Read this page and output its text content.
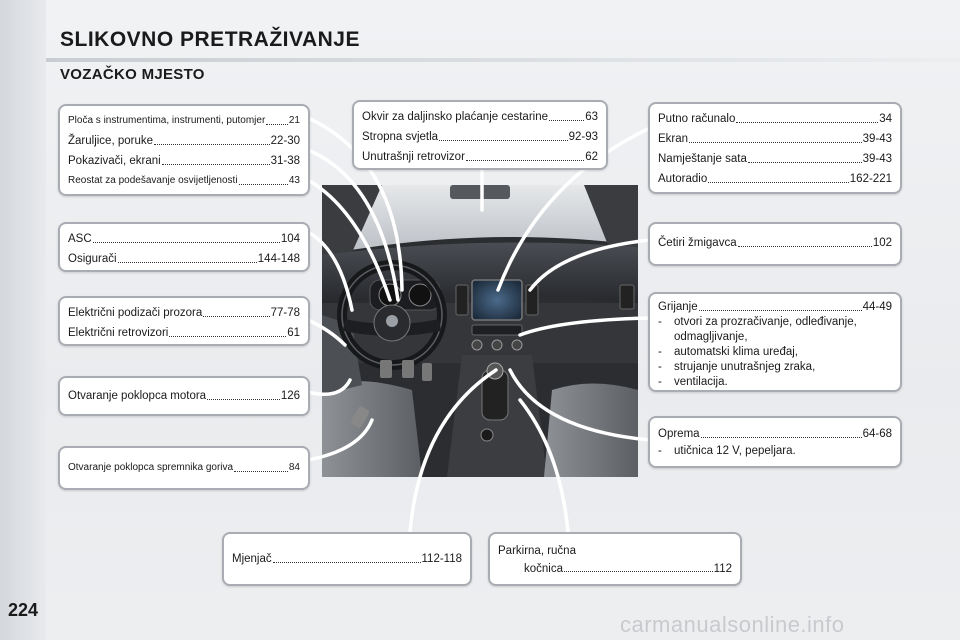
SLIKOVNO PRETRAŽIVANJE
VOZAČKO MJESTO
224
carmanualsonline.info
Ploča s instrumentima, instrumenti, putomjer 21
Žaruljice, poruke	22-30
Pokazivači, ekrani	31-38
Reostat za podešavanje osvijetljenosti	43
ASC	104
Osigurači	144-148
Električni podizači prozora	77-78
Električni retrovizori	61
Otvaranje poklopca motora	126
Otvaranje poklopca spremnika goriva	84
Okvir za daljinsko plaćanje cestarine	63
Stropna svjetla	92-93
Unutrašnji retrovizor	62
Putno računalo	34
Ekran	39-43
Namještanje sata	39-43
Autoradio	162-221
Četiri žmigavca	102
Grijanje	44-49
-	otvori za prozračivanje, odleđivanje,
odmagljivanje,
-	automatski klima uređaj,
-	strujanje unutrašnjeg zraka,
-	ventilacija.
Oprema	64-68
-	utičnica 12 V, pepeljara.
Mjenjač	112-118
Parkirna, ručna
kočnica	112
